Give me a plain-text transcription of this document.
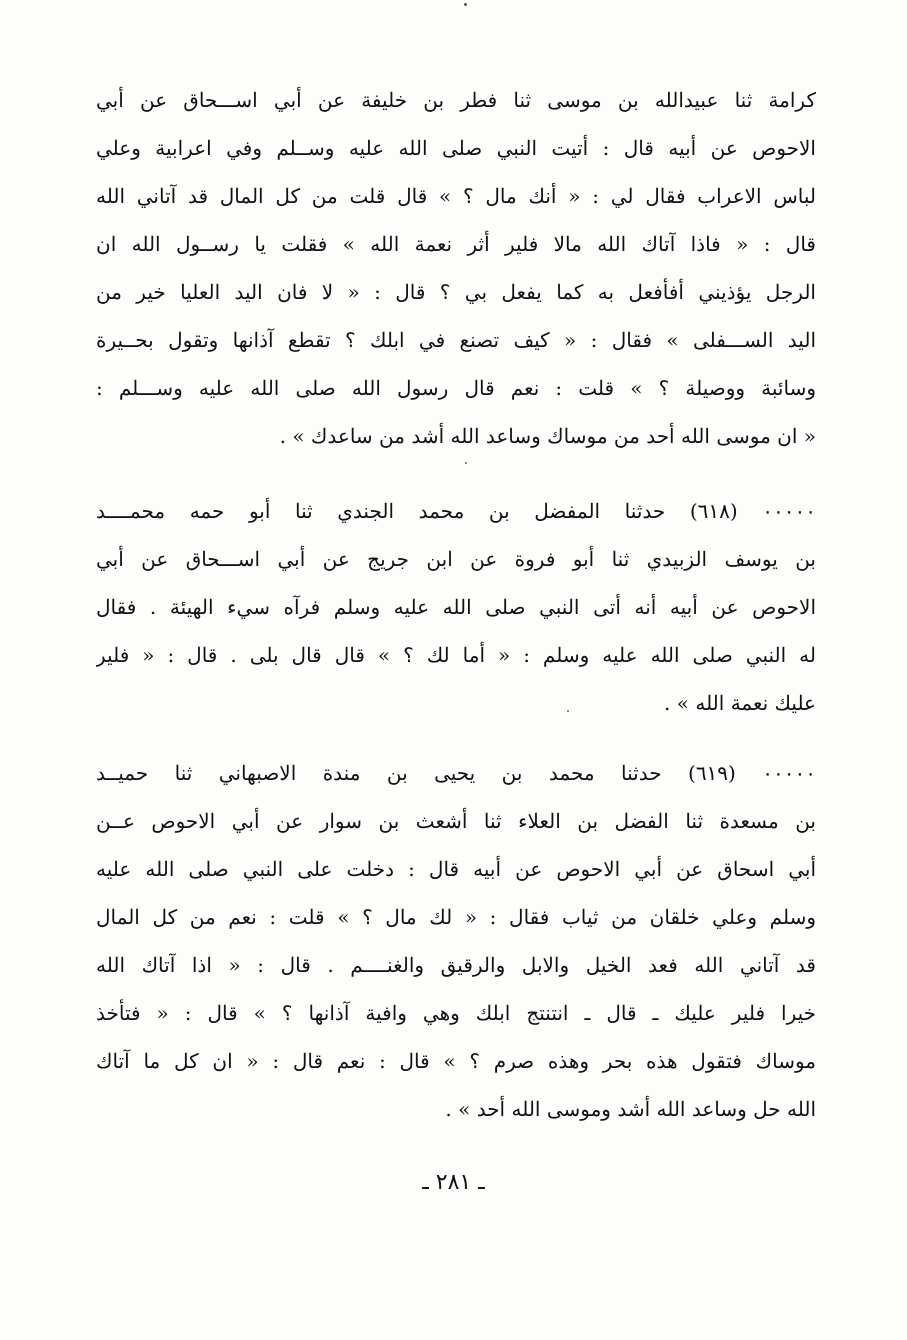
كرامة ثنا عبيدالله بن موسى ثنا فطر بن خليفة عن أبي اســـحاق عن أبي
الاحوص عن أبيه قال : أتيت النبي صلى الله عليه وســلم وفي اعرابية وعلي
لباس الاعراب فقال لي : « أنك مال ؟ » قال قلت من كل المال قد آتاني الله
قال : « فاذا آتاك الله مالا فلير أثر نعمة الله » فقلت يا رســول الله ان
الرجل يؤذيني أفأفعل به كما يفعل بي ؟ قال : « لا فان اليد العليا خير من
اليد الســـفلى » فقال : « كيف تصنع في ابلك ؟ تقطع آذانها وتقول بحــيرة
وسائبة ووصيلة ؟ » قلت : نعم قال رسول الله صلى الله عليه وســـلم :
« ان موسى الله أحد من موساك وساعد الله أشد من ساعدك » .
٠٠٠٠٠ (٦١٨) حدثنا المفضل بن محمد الجندي ثنا أبو حمه محمــــد
بن يوسف الزبيدي ثنا أبو فروة عن ابن جريج عن أبي اســـحاق عن أبي
الاحوص عن أبيه أنه أتى النبي صلى الله عليه وسلم فرآه سيء الهيئة . فقال
له النبي صلى الله عليه وسلم : « أما لك ؟ » قال قال بلى . قال : « فلير
عليك نعمة الله » .
٠٠٠٠٠ (٦١٩) حدثنا محمد بن يحيى بن مندة الاصبهاني ثنا حميــد
بن مسعدة ثنا الفضل بن العلاء ثنا أشعث بن سوار عن أبي الاحوص عــن
أبي اسحاق عن أبي الاحوص عن أبيه قال : دخلت على النبي صلى الله عليه
وسلم وعلي خلقان من ثياب فقال : « لك مال ؟ » قلت : نعم من كل المال
قد آتاني الله فعد الخيل والابل والرقيق والغنــــم . قال : « اذا آتاك الله
خيرا فلير عليك ـ قال ـ انتنتج ابلك وهي وافية آذانها ؟ » قال : « فتأخذ
موساك فتقول هذه بحر وهذه صرم ؟ » قال : نعم قال : « ان كل ما آتاك
الله حل وساعد الله أشد وموسى الله أحد » .
ـ ٢٨١ ـ
